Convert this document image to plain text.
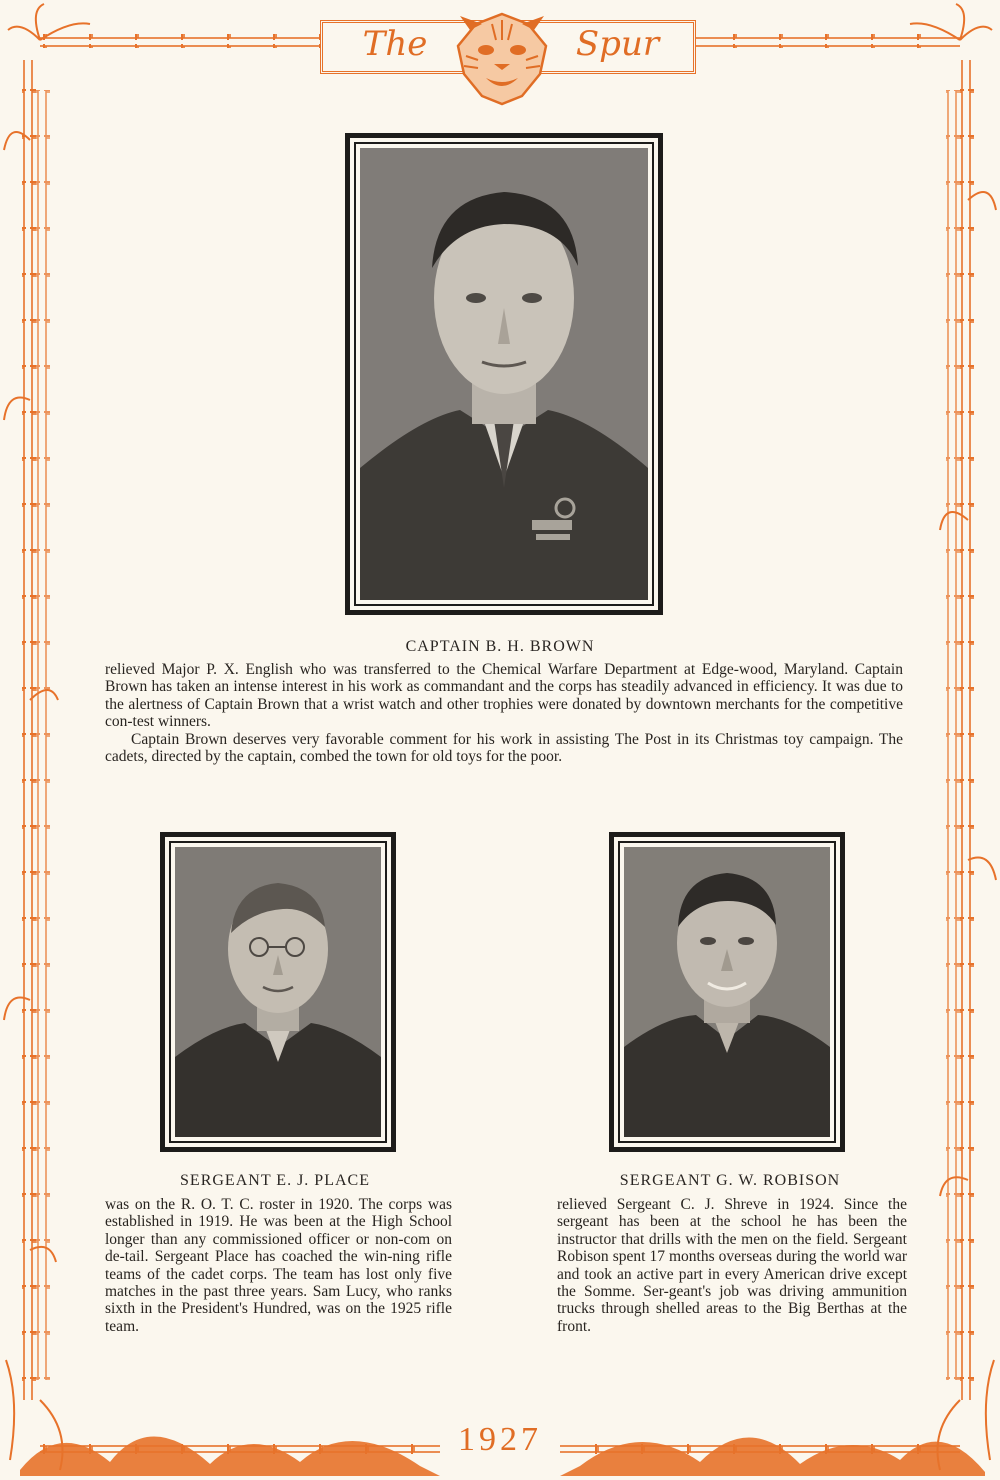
The	Spur
CAPTAIN B. H. BROWN

relieved Major P. X. English who was transferred to the Chemical Warfare Department at Edge-wood, Maryland. Captain Brown has taken an intense interest in his work as commandant and the corps has steadily advanced in efficiency. It was due to the alertness of Captain Brown that a wrist watch and other trophies were donated by downtown merchants for the competitive con-test winners.

Captain Brown deserves very favorable comment for his work in assisting The Post in its Christmas toy campaign. The cadets, directed by the captain, combed the town for old toys for the poor.

SERGEANT E. J. PLACE

was on the R. O. T. C. roster in 1920. The corps was established in 1919. He was been at the High School longer than any commissioned officer or non-com on de-tail. Sergeant Place has coached the win-ning rifle teams of the cadet corps. The team has lost only five matches in the past three years. Sam Lucy, who ranks sixth in the President's Hundred, was on the 1925 rifle team.

SERGEANT G. W. ROBISON

relieved Sergeant C. J. Shreve in 1924. Since the sergeant has been at the school he has been the instructor that drills with the men on the field. Sergeant Robison spent 17 months overseas during the world war and took an active part in every American drive except the Somme. Ser-geant's job was driving ammunition trucks through shelled areas to the Big Berthas at the front.

1927
